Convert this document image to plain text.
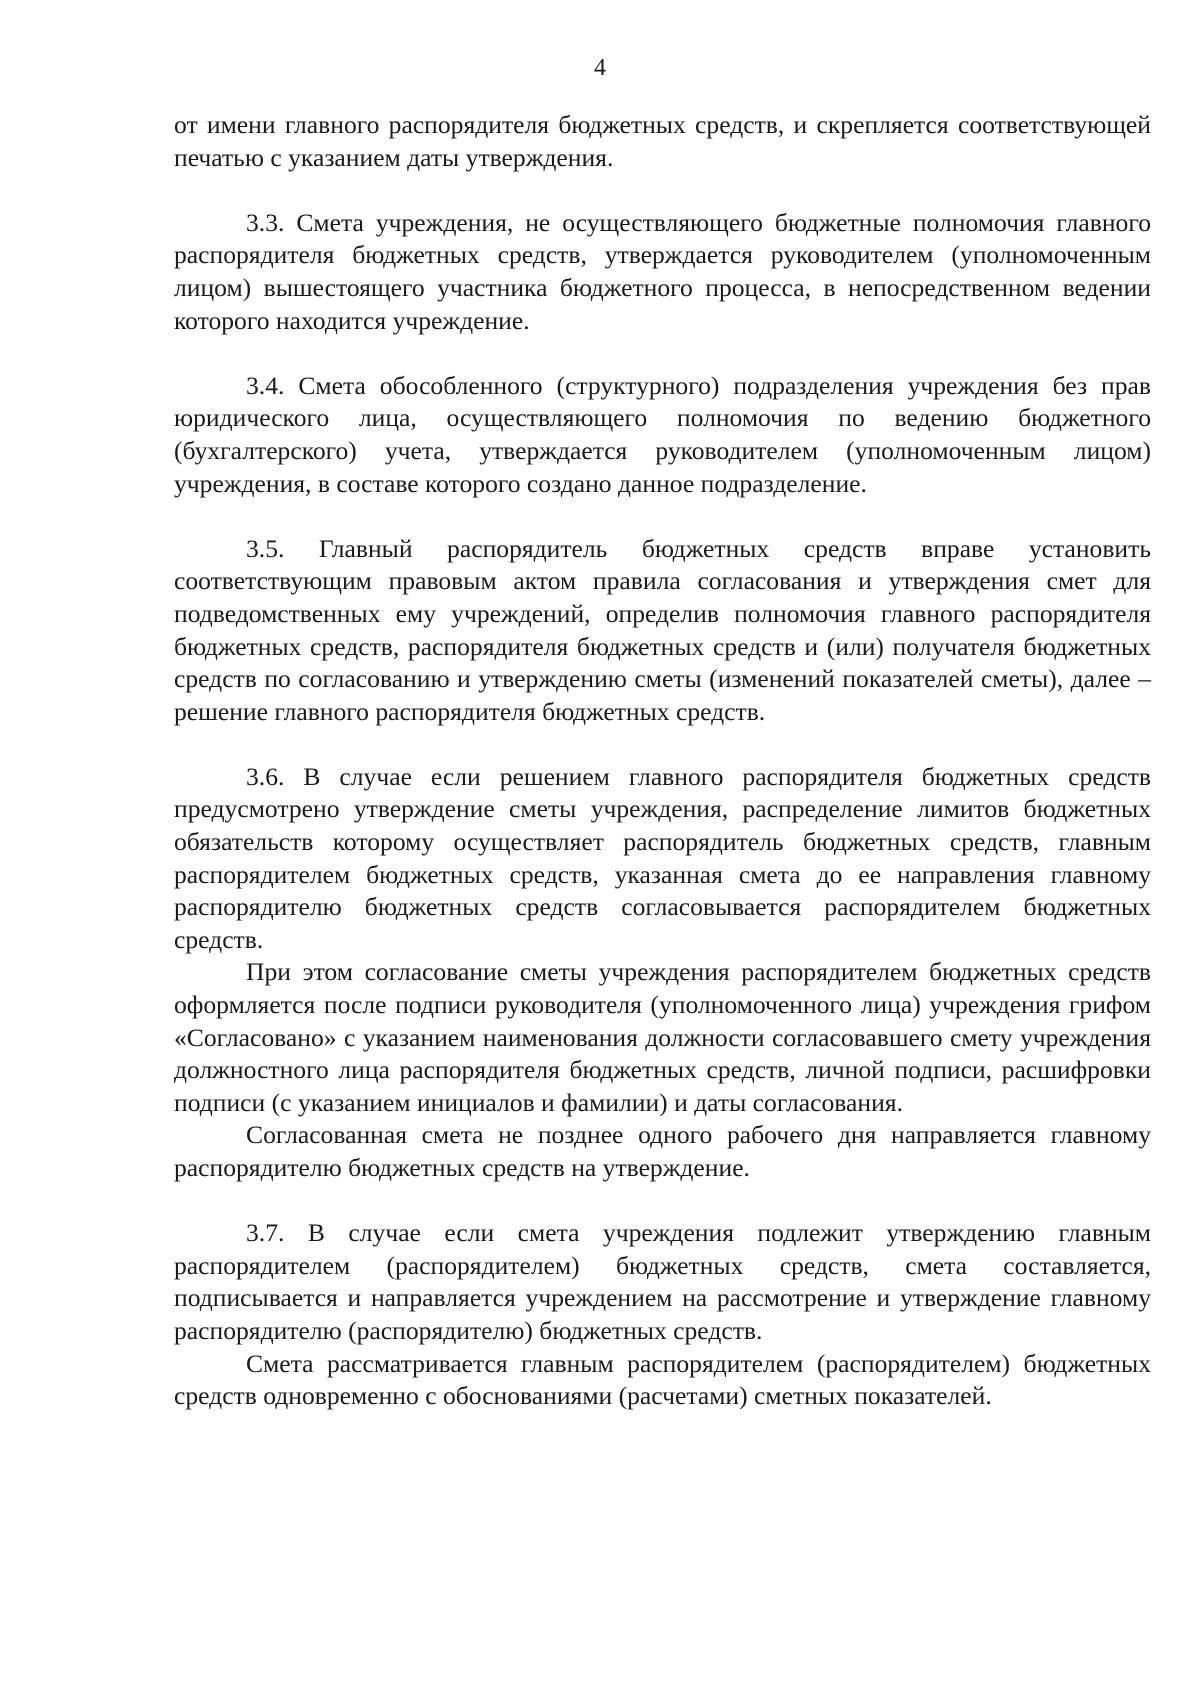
4

от имени главного распорядителя бюджетных средств, и скрепляется соответствующей печатью с указанием даты утверждения.

3.3. Смета учреждения, не осуществляющего бюджетные полномочия главного распорядителя бюджетных средств, утверждается руководителем (уполномоченным лицом) вышестоящего участника бюджетного процесса, в непосредственном ведении которого находится учреждение.

3.4. Смета обособленного (структурного) подразделения учреждения без прав юридического лица, осуществляющего полномочия по ведению бюджетного (бухгалтерского) учета, утверждается руководителем (уполномоченным лицом) учреждения, в составе которого создано данное подразделение.

3.5. Главный распорядитель бюджетных средств вправе установить соответствующим правовым актом правила согласования и утверждения смет для подведомственных ему учреждений, определив полномочия главного распорядителя бюджетных средств, распорядителя бюджетных средств и (или) получателя бюджетных средств по согласованию и утверждению сметы (изменений показателей сметы), далее – решение главного распорядителя бюджетных средств.

3.6. В случае если решением главного распорядителя бюджетных средств предусмотрено утверждение сметы учреждения, распределение лимитов бюджетных обязательств которому осуществляет распорядитель бюджетных средств, главным распорядителем бюджетных средств, указанная смета до ее направления главному распорядителю бюджетных средств согласовывается распорядителем бюджетных средств.

При этом согласование сметы учреждения распорядителем бюджетных средств оформляется после подписи руководителя (уполномоченного лица) учреждения грифом «Согласовано» с указанием наименования должности согласовавшего смету учреждения должностного лица распорядителя бюджетных средств, личной подписи, расшифровки подписи (с указанием инициалов и фамилии) и даты согласования.

Согласованная смета не позднее одного рабочего дня направляется главному распорядителю бюджетных средств на утверждение.

3.7. В случае если смета учреждения подлежит утверждению главным распорядителем (распорядителем) бюджетных средств, смета составляется, подписывается и направляется учреждением на рассмотрение и утверждение главному распорядителю (распорядителю) бюджетных средств.

Смета рассматривается главным распорядителем (распорядителем) бюджетных средств одновременно с обоснованиями (расчетами) сметных показателей.
